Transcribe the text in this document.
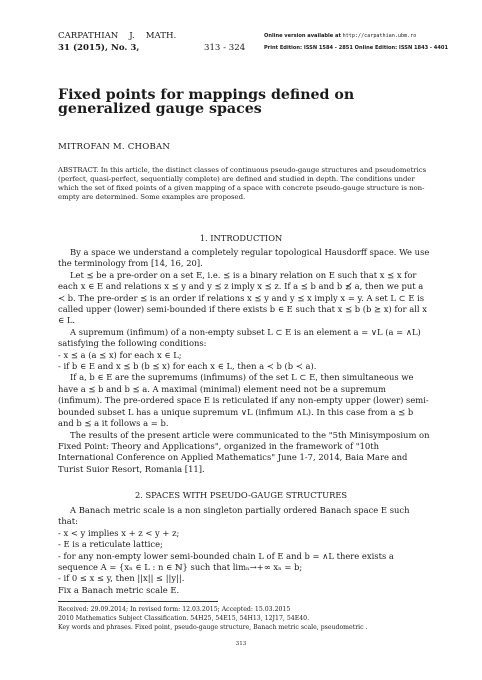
CARPATHIAN    J.    MATH.
31 (2015), No. 3,	313 - 324
Online version available at http://carpathian.ubm.ro
Print Edition: ISSN 1584 - 2851 Online Edition: ISSN 1843 - 4401
Fixed points for mappings defined on generalized gauge spaces
MITROFAN M. CHOBAN
ABSTRACT. In this article, the distinct classes of continuous pseudo-gauge structures and pseudometrics (perfect, quasi-perfect, sequentially complete) are defined and studied in depth. The conditions under which the set of fixed points of a given mapping of a space with concrete pseudo-gauge structure is non-empty are determined. Some examples are proposed.
1. INTRODUCTION

By a space we understand a completely regular topological Hausdorff space. We use the terminology from [14, 16, 20].

Let ⪯ be a pre-order on a set E, i.e. ⪯ is a binary relation on E such that x ⪯ x for each x ∈ E and relations x ⪯ y and y ⪯ z imply x ⪯ z. If a ⪯ b and b ⪯̸ a, then we put a ≺ b. The pre-order ⪯ is an order if relations x ⪯ y and y ⪯ x imply x = y. A set L ⊂ E is called upper (lower) semi-bounded if there exists b ∈ E such that x ⪯ b (b ⪰ x) for all x ∈ L.

A supremum (infimum) of a non-empty subset L ⊂ E is an element a = ∨L (a = ∧L) satisfying the following conditions:

- x ⪯ a (a ⪯ x) for each x ∈ L;

- if b ∈ E and x ⪯ b (b ⪯ x) for each x ∈ L, then a ≺ b (b ≺ a).

If a, b ∈ E are the supremums (infimums) of the set L ⊂ E, then simultaneous we have a ⪯ b and b ⪯ a. A maximal (minimal) element need not be a supremum (infimum). The pre-ordered space E is reticulated if any non-empty upper (lower) semi-bounded subset L has a unique supremum ∨L (infimum ∧L). In this case from a ⪯ b and b ⪯ a it follows a = b.

The results of the present article were communicated to the "5th Minisymposium on Fixed Point: Theory and Applications", organized in the framework of "10th International Conference on Applied Mathematics" June 1-7, 2014, Baia Mare and Turist Suior Resort, Romania [11].

2. SPACES WITH PSEUDO-GAUGE STRUCTURES

A Banach metric scale is a non singleton partially ordered Banach space E such that:

- x < y implies x + z < y + z;

- E is a reticulate lattice;

- for any non-empty lower semi-bounded chain L of E and b = ∧L there exists a sequence A = {xₙ ∈ L : n ∈ ℕ} such that limₙ→+∞ xₙ = b;

- if 0 ≤ x ≤ y, then ||x|| ≤ ||y||.

Fix a Banach metric scale E.

Received: 29.09.2014; In revised form: 12.03.2015; Accepted: 15.03.2015
2010 Mathematics Subject Classification. 54H25, 54E15, 54H13, 12J17, 54E40.
Key words and phrases. Fixed point, pseudo-gauge structure, Banach metric scale, pseudometric .
313
